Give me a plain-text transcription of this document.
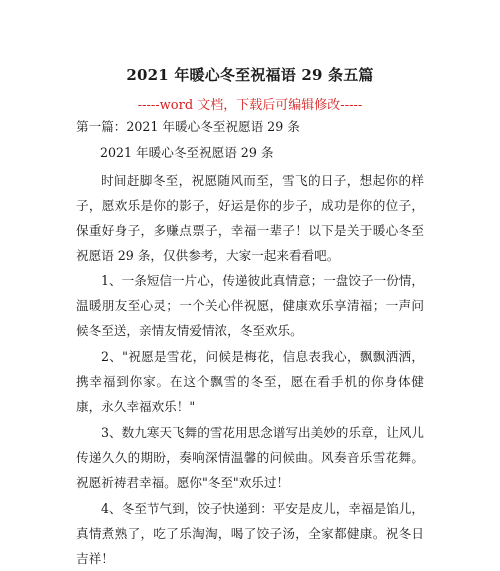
2021 年暖心冬至祝福语 29 条五篇
-----word 文档，下载后可编辑修改-----
第一篇：2021 年暖心冬至祝愿语 29 条
2021 年暖心冬至祝愿语 29 条

时间赶脚冬至，祝愿随风而至，雪飞的日子，想起你的样子，愿欢乐是你的影子，好运是你的步子，成功是你的位子，保重好身子，多赚点票子，幸福一辈子！以下是关于暖心冬至祝愿语 29 条，仅供参考，大家一起来看看吧。

1、一条短信一片心，传递彼此真情意；一盘饺子一份情，温暖朋友至心灵；一个关心伴祝愿，健康欢乐享清福；一声问候冬至送，亲情友情爱情浓，冬至欢乐。

2、"祝愿是雪花，问候是梅花，信息表我心，飘飘洒洒，携幸福到你家。在这个飘雪的冬至，愿在看手机的你身体健康，永久幸福欢乐！"

3、数九寒天飞舞的雪花用思念谱写出美妙的乐章，让风儿传递久久的期盼，奏响深情温馨的问候曲。风奏音乐雪花舞。祝愿祈祷君幸福。愿你"冬至"欢乐过！

4、冬至节气到，饺子快递到：平安是皮儿，幸福是馅儿，真情煮熟了，吃了乐淘淘，喝了饺子汤，全家都健康。祝冬日吉祥！
